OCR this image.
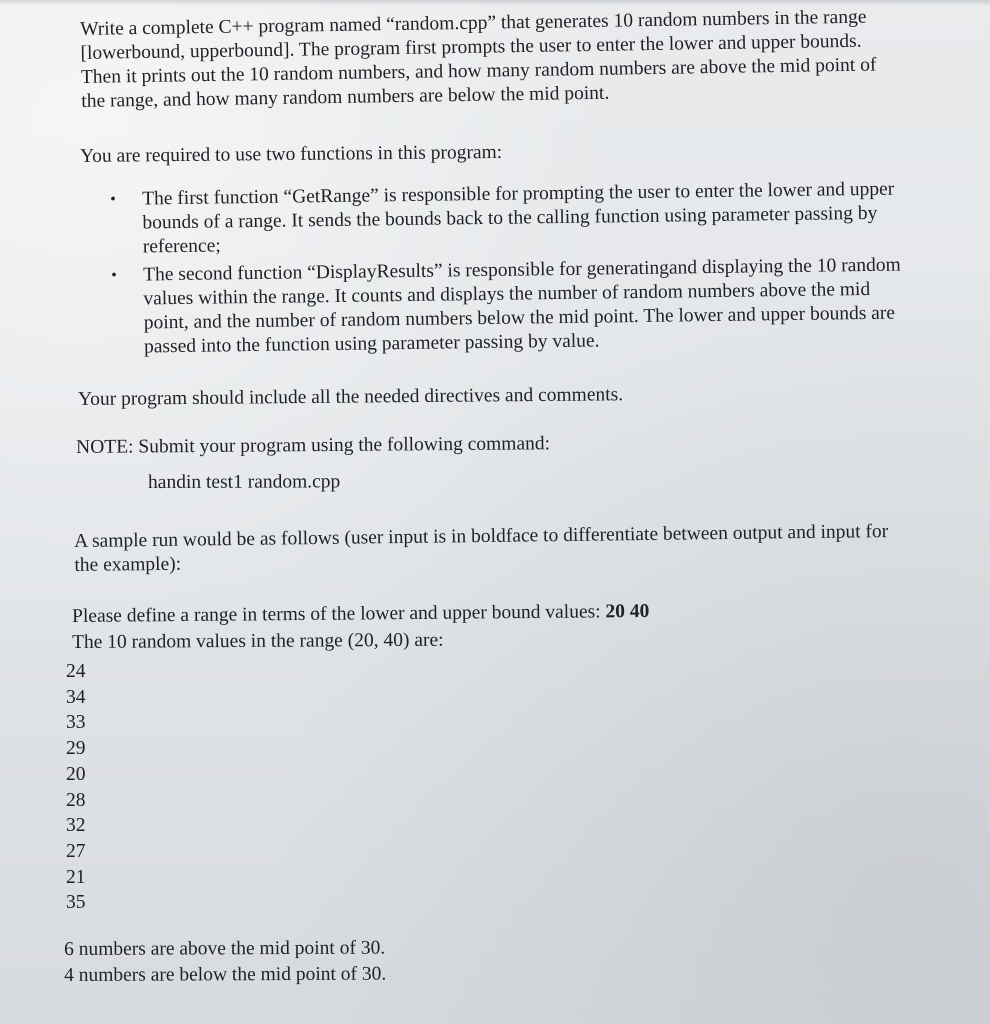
Write a complete C++ program named “random.cpp” that generates 10 random numbers in the range [lowerbound, upperbound]. The program first prompts the user to enter the lower and upper bounds. Then it prints out the 10 random numbers, and how many random numbers are above the mid point of the range, and how many random numbers are below the mid point.

You are required to use two functions in this program:

• The first function “GetRange” is responsible for prompting the user to enter the lower and upper bounds of a range. It sends the bounds back to the calling function using parameter passing by reference;
• The second function “DisplayResults” is responsible for generatingand displaying the 10 random values within the range. It counts and displays the number of random numbers above the mid point, and the number of random numbers below the mid point. The lower and upper bounds are passed into the function using parameter passing by value.

Your program should include all the needed directives and comments.

NOTE: Submit your program using the following command:

handin test1 random.cpp

A sample run would be as follows (user input is in boldface to differentiate between output and input for the example):

Please define a range in terms of the lower and upper bound values: 20 40

The 10 random values in the range (20, 40) are:

24
34
33
29
20
28
32
27
21
35

6 numbers are above the mid point of 30.

4 numbers are below the mid point of 30.
